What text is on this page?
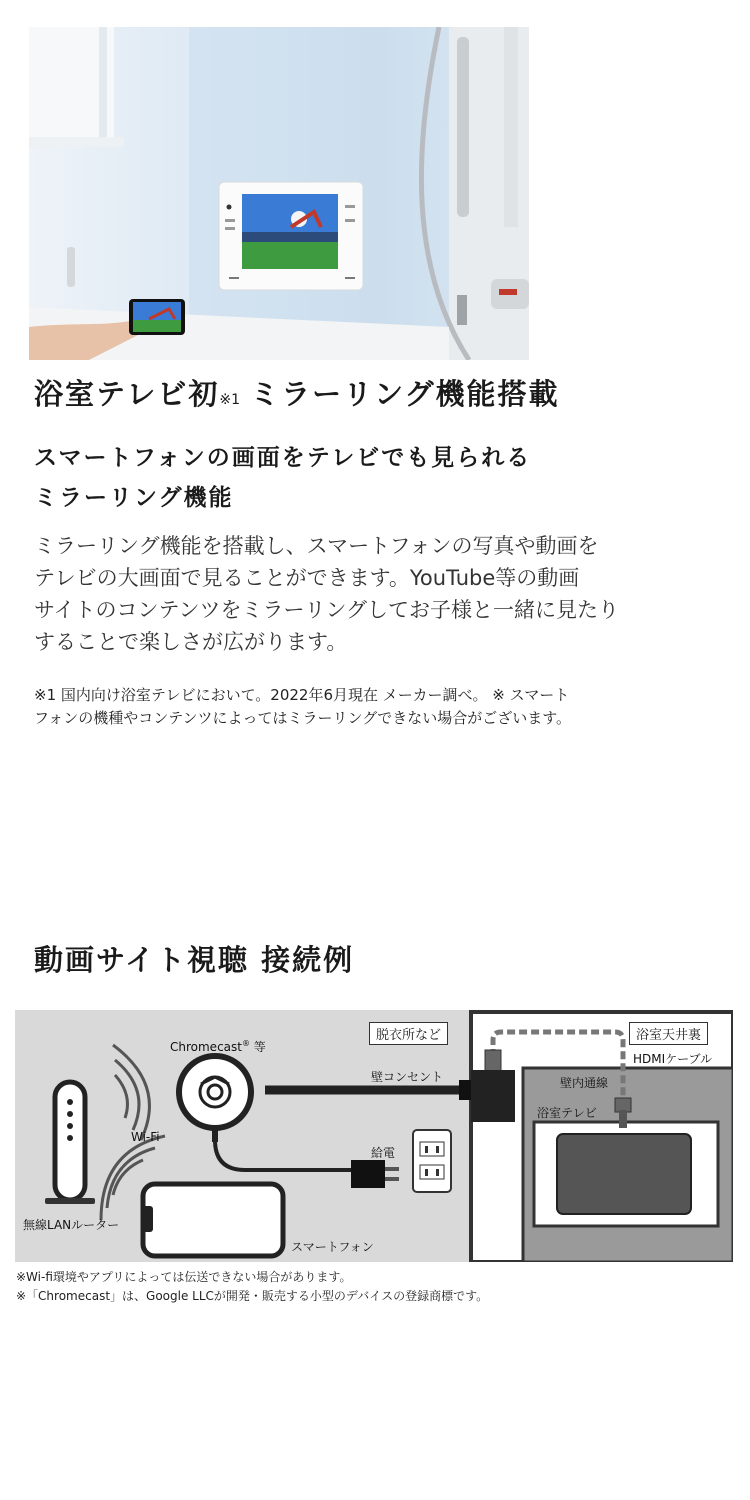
浴室テレビ初※1 ミラーリング機能搭載
スマートフォンの画面をテレビでも見られる
ミラーリング機能
ミラーリング機能を搭載し、スマートフォンの写真や動画を
テレビの大画面で見ることができます。YouTube等の動画
サイトのコンテンツをミラーリングしてお子様と一緒に見たり
することで楽しさが広がります。
※1 国内向け浴室テレビにおいて。2022年6月現在 メーカー調べ。 ※ スマート
フォンの機種やコンテンツによってはミラーリングできない場合がございます。
動画サイト視聴 接続例
脱衣所など	浴室天井裏
Chromecast® 等
壁コンセント
HDMIケーブル
壁内通線
浴室テレビ
Wi-Fi
給電
無線LANルーター
スマートフォン
※Wi-fi環境やアプリによっては伝送できない場合があります。
※「Chromecast」は、Google LLCが開発・販売する小型のデバイスの登録商標です。
